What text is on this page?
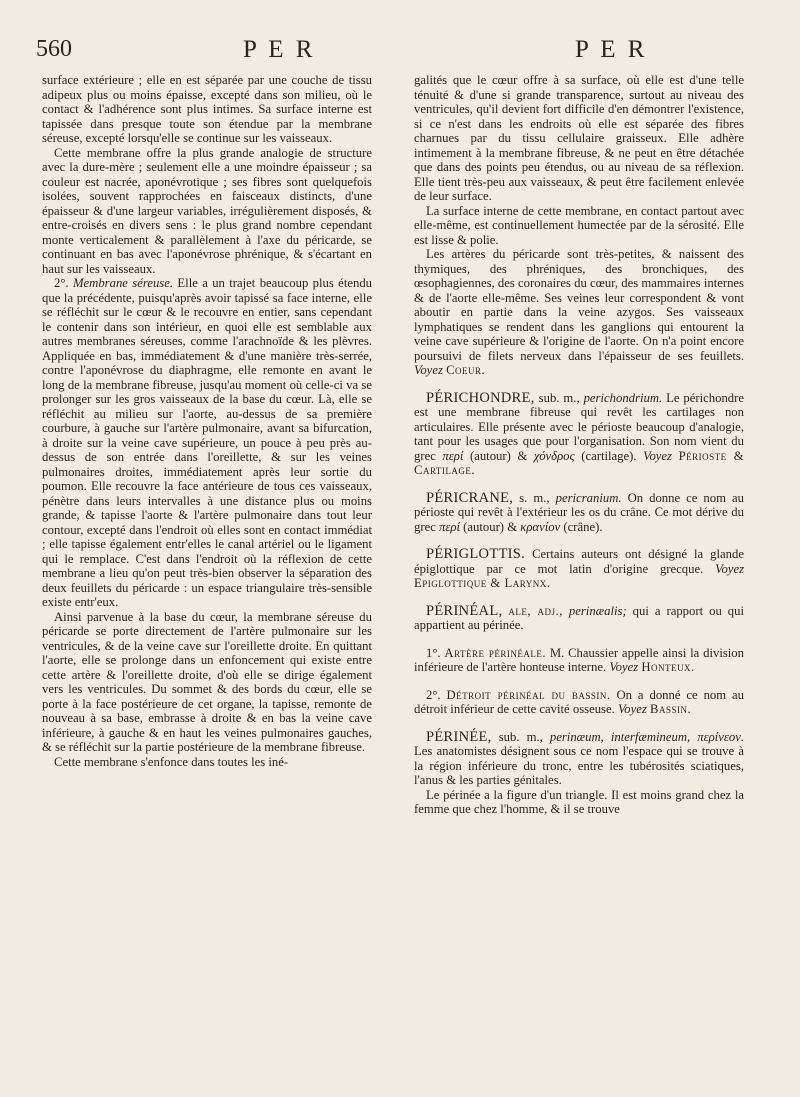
560	P E R	P E R

surface extérieure ; elle en est séparée par une couche de tissu adipeux plus ou moins épaisse, excepté dans son milieu, où le contact & l'adhérence sont plus intimes. Sa surface interne est tapissée dans presque toute son étendue par la membrane séreuse, excepté lorsqu'elle se continue sur les vaisseaux.

Cette membrane offre la plus grande analogie de structure avec la dure-mère ; seulement elle a une moindre épaisseur ; sa couleur est nacrée, aponévrotique ; ses fibres sont quelquefois isolées, souvent rapprochées en faisceaux distincts, d'une épaisseur & d'une largeur variables, irrégulièrement disposés, & entre-croisés en divers sens : le plus grand nombre cependant monte verticalement & parallèlement à l'axe du péricarde, se continuant en bas avec l'aponévrose phrénique, & s'écartant en haut sur les vaisseaux.

2°. Membrane séreuse. Elle a un trajet beaucoup plus étendu que la précédente, puisqu'après avoir tapissé sa face interne, elle se réfléchit sur le cœur & le recouvre en entier, sans cependant le contenir dans son intérieur, en quoi elle est semblable aux autres membranes séreuses, comme l'arachnoïde & les plèvres. Appliquée en bas, immédiatement & d'une manière très-serrée, contre l'aponévrose du diaphragme, elle remonte en avant le long de la membrane fibreuse, jusqu'au moment où celle-ci va se prolonger sur les gros vaisseaux de la base du cœur. Là, elle se réfléchit au milieu sur l'aorte, au-dessus de sa première courbure, à gauche sur l'artère pulmonaire, avant sa bifurcation, à droite sur la veine cave supérieure, un pouce à peu près au-dessus de son entrée dans l'oreillette, & sur les veines pulmonaires droites, immédiatement après leur sortie du poumon. Elle recouvre la face antérieure de tous ces vaisseaux, pénètre dans leurs intervalles à une distance plus ou moins grande, & tapisse l'aorte & l'artère pulmonaire dans tout leur contour, excepté dans l'endroit où elles sont en contact immédiat ; elle tapisse également entr'elles le canal artériel ou le ligament qui le remplace. C'est dans l'endroit où la réflexion de cette membrane a lieu qu'on peut très-bien observer la séparation des deux feuillets du péricarde : un espace triangulaire très-sensible existe entr'eux.

Ainsi parvenue à la base du cœur, la membrane séreuse du péricarde se porte directement de l'artère pulmonaire sur les ventricules, & de la veine cave sur l'oreillette droite. En quittant l'aorte, elle se prolonge dans un enfoncement qui existe entre cette artère & l'oreillette droite, d'où elle se dirige également vers les ventricules. Du sommet & des bords du cœur, elle se porte à la face postérieure de cet organe, la tapisse, remonte de nouveau à sa base, embrasse à droite & en bas la veine cave inférieure, à gauche & en haut les veines pulmonaires gauches, & se réfléchit sur la partie postérieure de la membrane fibreuse.

Cette membrane s'enfonce dans toutes les iné-

galités que le cœur offre à sa surface, où elle est d'une telle ténuité & d'une si grande transparence, surtout au niveau des ventricules, qu'il devient fort difficile d'en démontrer l'existence, si ce n'est dans les endroits où elle est séparée des fibres charnues par du tissu cellulaire graisseux. Elle adhère intimement à la membrane fibreuse, & ne peut en être détachée que dans des points peu étendus, ou au niveau de sa réflexion. Elle tient très-peu aux vaisseaux, & peut être facilement enlevée de leur surface.

La surface interne de cette membrane, en contact partout avec elle-même, est continuellement humectée par de la sérosité. Elle est lisse & polie.

Les artères du péricarde sont très-petites, & naissent des thymiques, des phréniques, des bronchiques, des œsophagiennes, des coronaires du cœur, des mammaires internes & de l'aorte elle-même. Ses veines leur correspondent & vont aboutir en partie dans la veine azygos. Ses vaisseaux lymphatiques se rendent dans les ganglions qui entourent la veine cave supérieure & l'origine de l'aorte. On n'a point encore poursuivi de filets nerveux dans l'épaisseur de ses feuillets. Voyez Coeur.

PÉRICHONDRE, sub. m., perichondrium. Le périchondre est une membrane fibreuse qui revêt les cartilages non articulaires. Elle présente avec le périoste beaucoup d'analogie, tant pour les usages que pour l'organisation. Son nom vient du grec περί (autour) & χόνδρος (cartilage). Voyez Périoste & Cartilage.

PÉRICRANE, s. m., pericranium. On donne ce nom au périoste qui revêt à l'extérieur les os du crâne. Ce mot dérive du grec περί (autour) & κρανίον (crâne).

PÉRIGLOTTIS. Certains auteurs ont désigné la glande épiglottique par ce mot latin d'origine grecque. Voyez Epiglottique & Larynx.

PÉRINÉAL, ale, adj., perinæalis; qui a rapport ou qui appartient au périnée.

1°. Artère périnéale. M. Chaussier appelle ainsi la division inférieure de l'artère honteuse interne. Voyez Honteux.

2°. Détroit périnéal du bassin. On a donné ce nom au détroit inférieur de cette cavité osseuse. Voyez Bassin.

PÉRINÉE, sub. m., perinæum, interfæmineum, περίνεον. Les anatomistes désignent sous ce nom l'espace qui se trouve à la région inférieure du tronc, entre les tubérosités sciatiques, l'anus & les parties génitales.

Le périnée a la figure d'un triangle. Il est moins grand chez la femme que chez l'homme, & il se trouve
